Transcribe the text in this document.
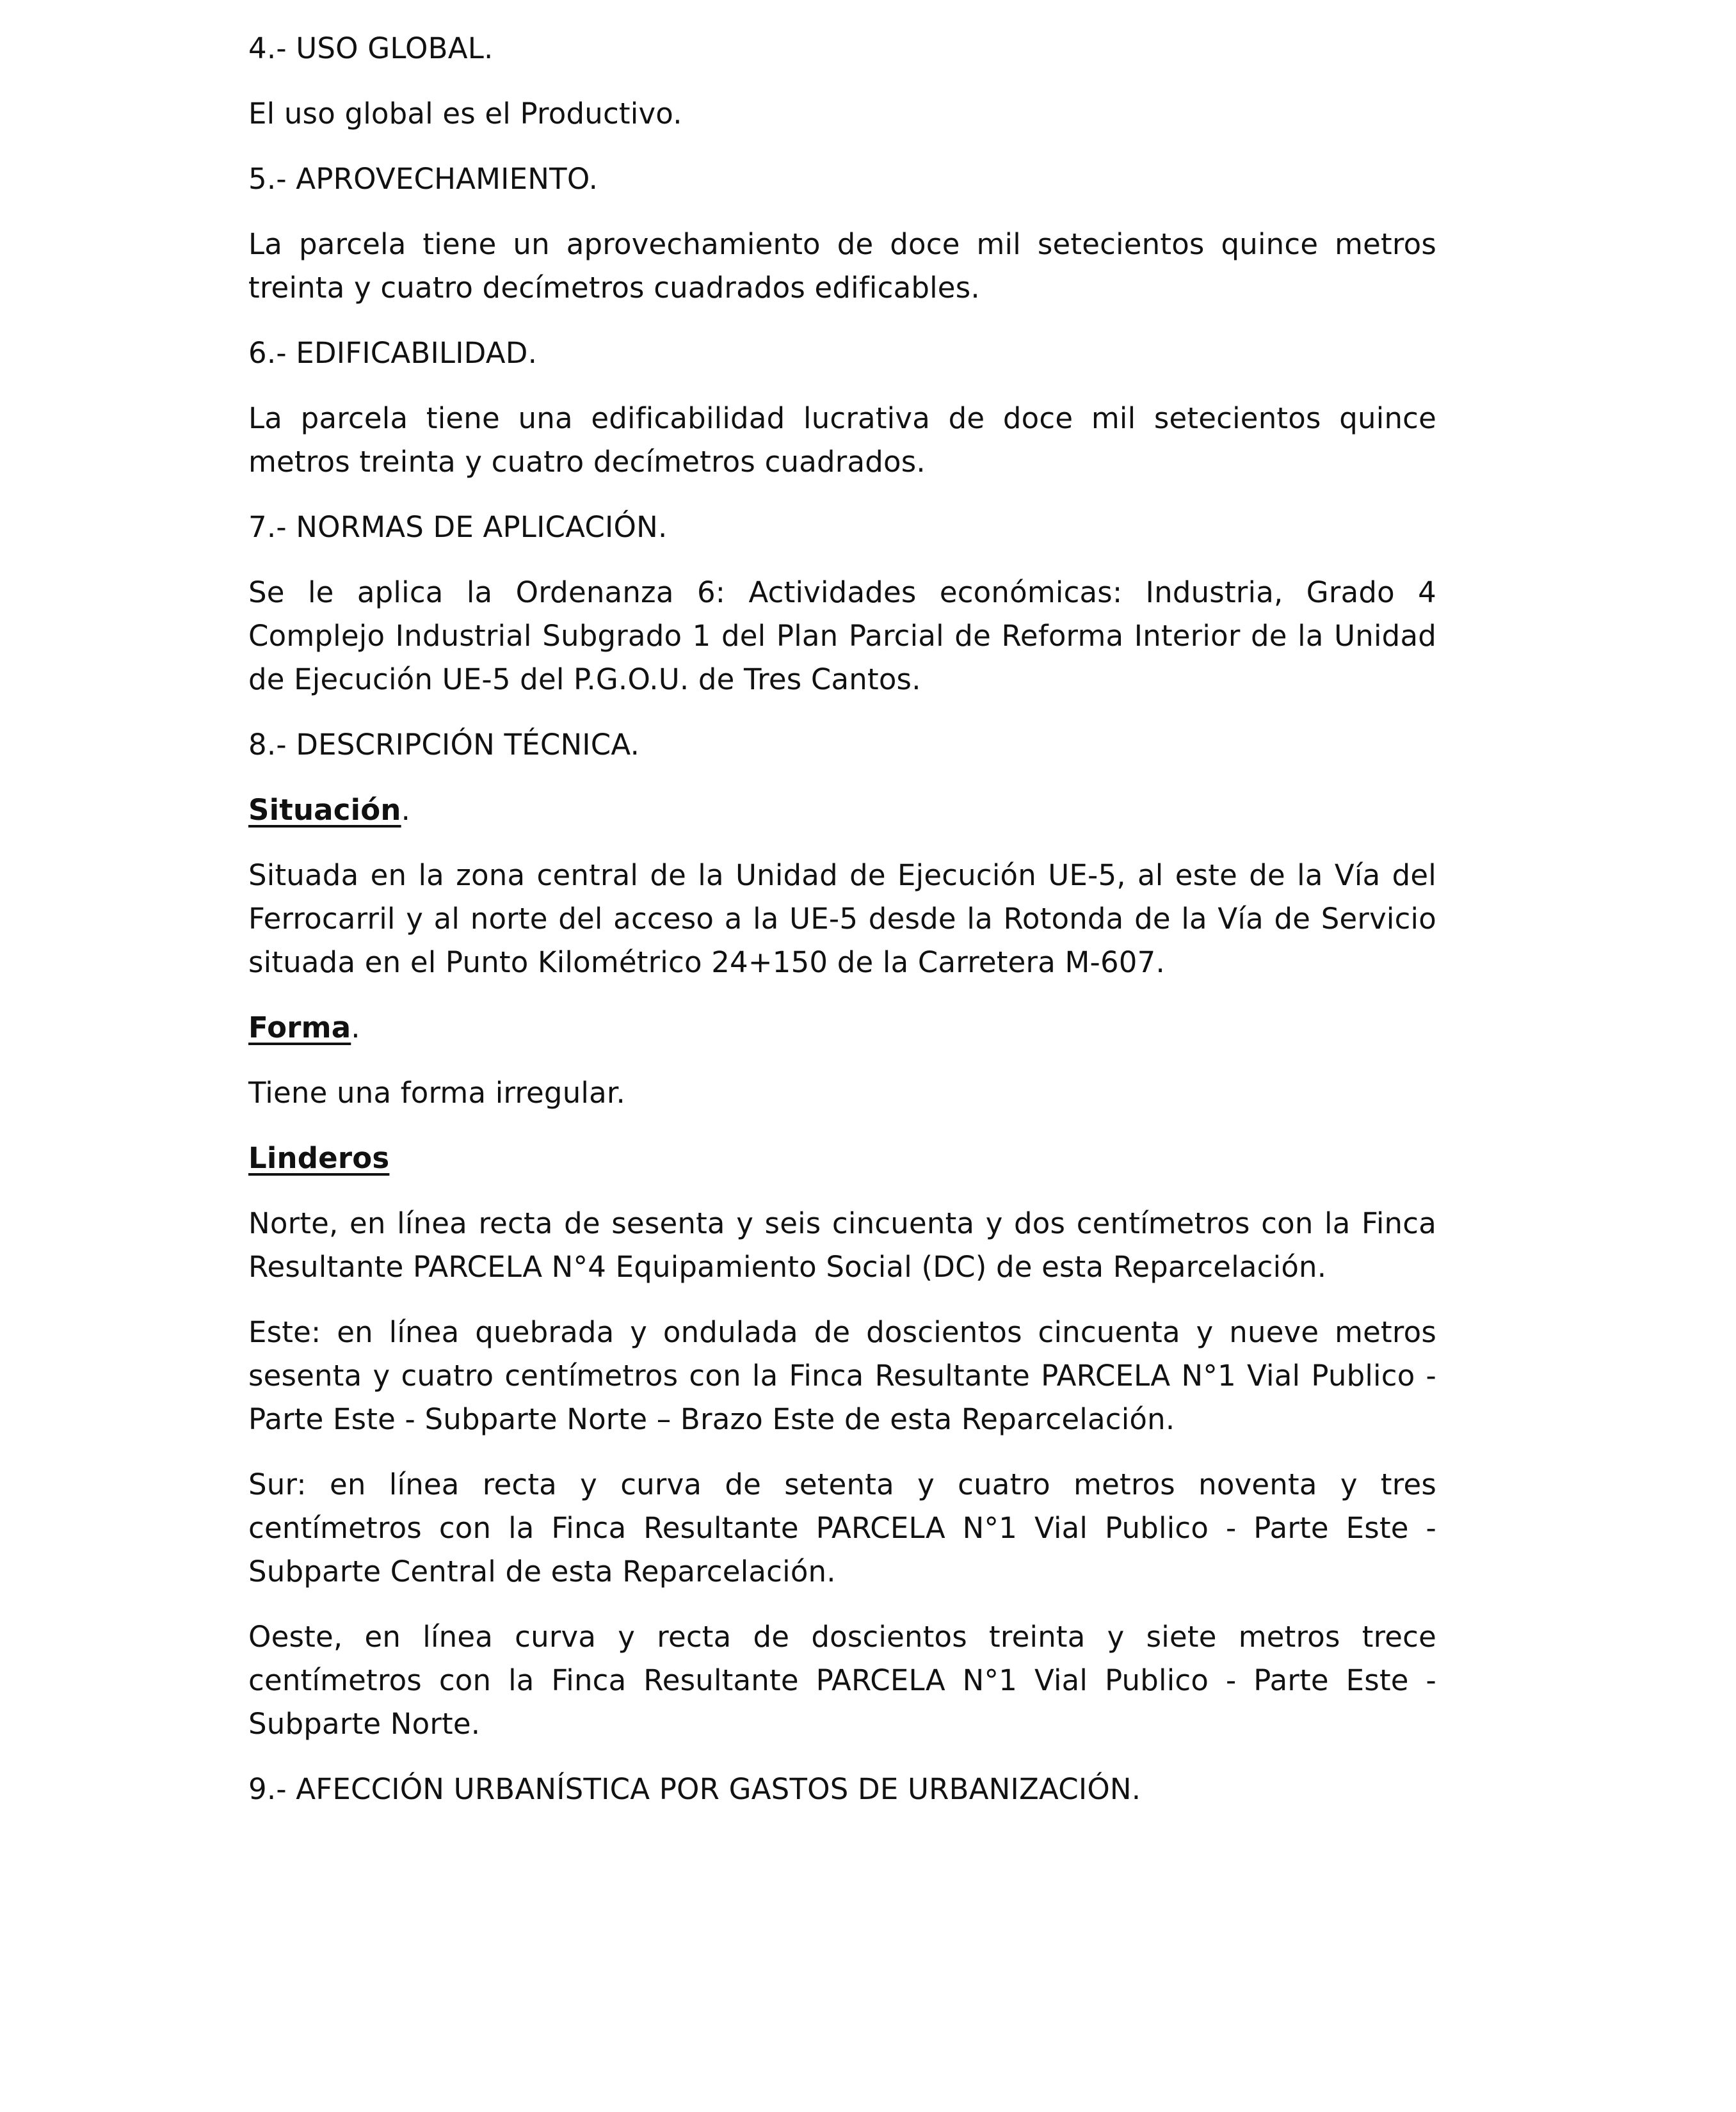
4.- USO GLOBAL.

El uso global es el Productivo.

5.- APROVECHAMIENTO.

La parcela tiene un aprovechamiento de doce mil setecientos quince metros treinta y cuatro decímetros cuadrados edificables.

6.- EDIFICABILIDAD.

La parcela tiene una edificabilidad lucrativa de doce mil setecientos quince metros treinta y cuatro decímetros cuadrados.

7.- NORMAS DE APLICACIÓN.

Se le aplica la Ordenanza 6: Actividades económicas: Industria, Grado 4 Complejo Industrial Subgrado 1 del Plan Parcial de Reforma Interior de la Unidad de Ejecución UE-5 del P.G.O.U. de Tres Cantos.

8.- DESCRIPCIÓN TÉCNICA.

Situación.

Situada en la zona central de la Unidad de Ejecución UE-5, al este de la Vía del Ferrocarril y al norte del acceso a la UE-5 desde la Rotonda de la Vía de Servicio situada en el Punto Kilométrico 24+150 de la Carretera M-607.

Forma.

Tiene una forma irregular.

Linderos

Norte, en línea recta de sesenta y seis cincuenta y dos centímetros con la Finca Resultante PARCELA N°4 Equipamiento Social (DC) de esta Reparcelación.

Este: en línea quebrada y ondulada de doscientos cincuenta y nueve metros sesenta y cuatro centímetros con la Finca Resultante PARCELA N°1 Vial Publico - Parte Este - Subparte Norte – Brazo Este de esta Reparcelación.

Sur: en línea recta y curva de setenta y cuatro metros noventa y tres centímetros con la Finca Resultante PARCELA N°1 Vial Publico - Parte Este - Subparte Central de esta Reparcelación.

Oeste, en línea curva y recta de doscientos treinta y siete metros trece centímetros con la Finca Resultante PARCELA N°1 Vial Publico - Parte Este - Subparte Norte.

9.- AFECCIÓN URBANÍSTICA POR GASTOS DE URBANIZACIÓN.
